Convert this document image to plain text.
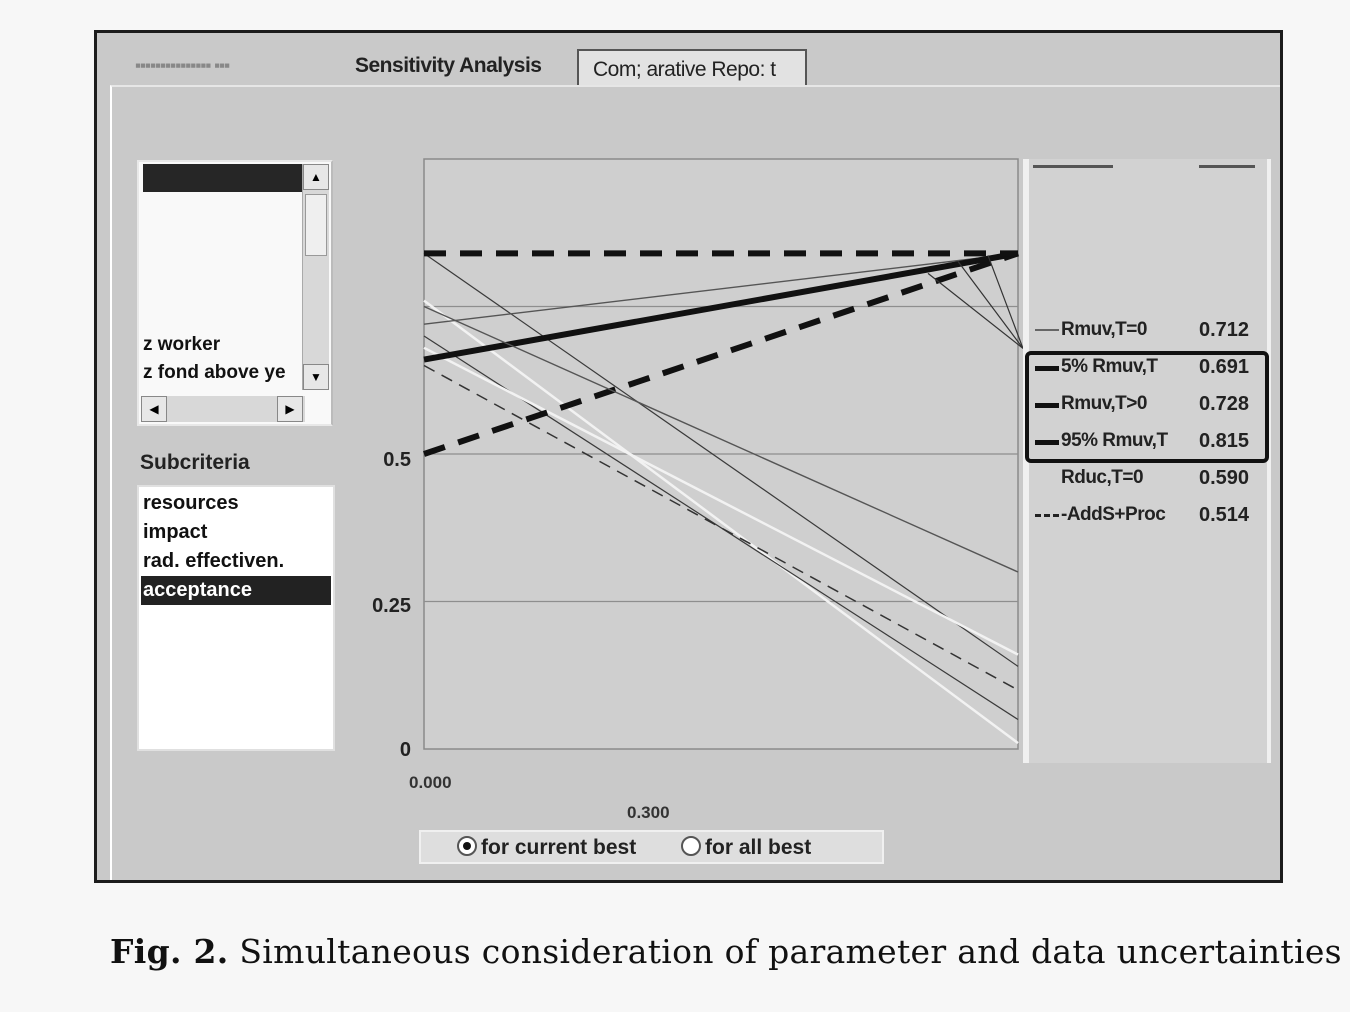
▪▪▪▪▪▪▪▪▪▪▪▪▪▪▪ ▪▪▪	Sensitivity Analysis	Com; arative Repo: t
z worker
z fond above ye
▲
▼
◀	▶
Subcriteria
resources
impact
rad. effectiven.
acceptance
0.5
0.25
0
0.000
0.300
Rmuv,T=0	0.712
5% Rmuv,T 0.691
Rmuv,T>0	0.728
95% Rmuv,T 0.815
Rduc,T=0	0.590
-AddS+Proc 0.514
for current best	for all best
Fig. 2. Simultaneous consideration of parameter and data uncertainties
